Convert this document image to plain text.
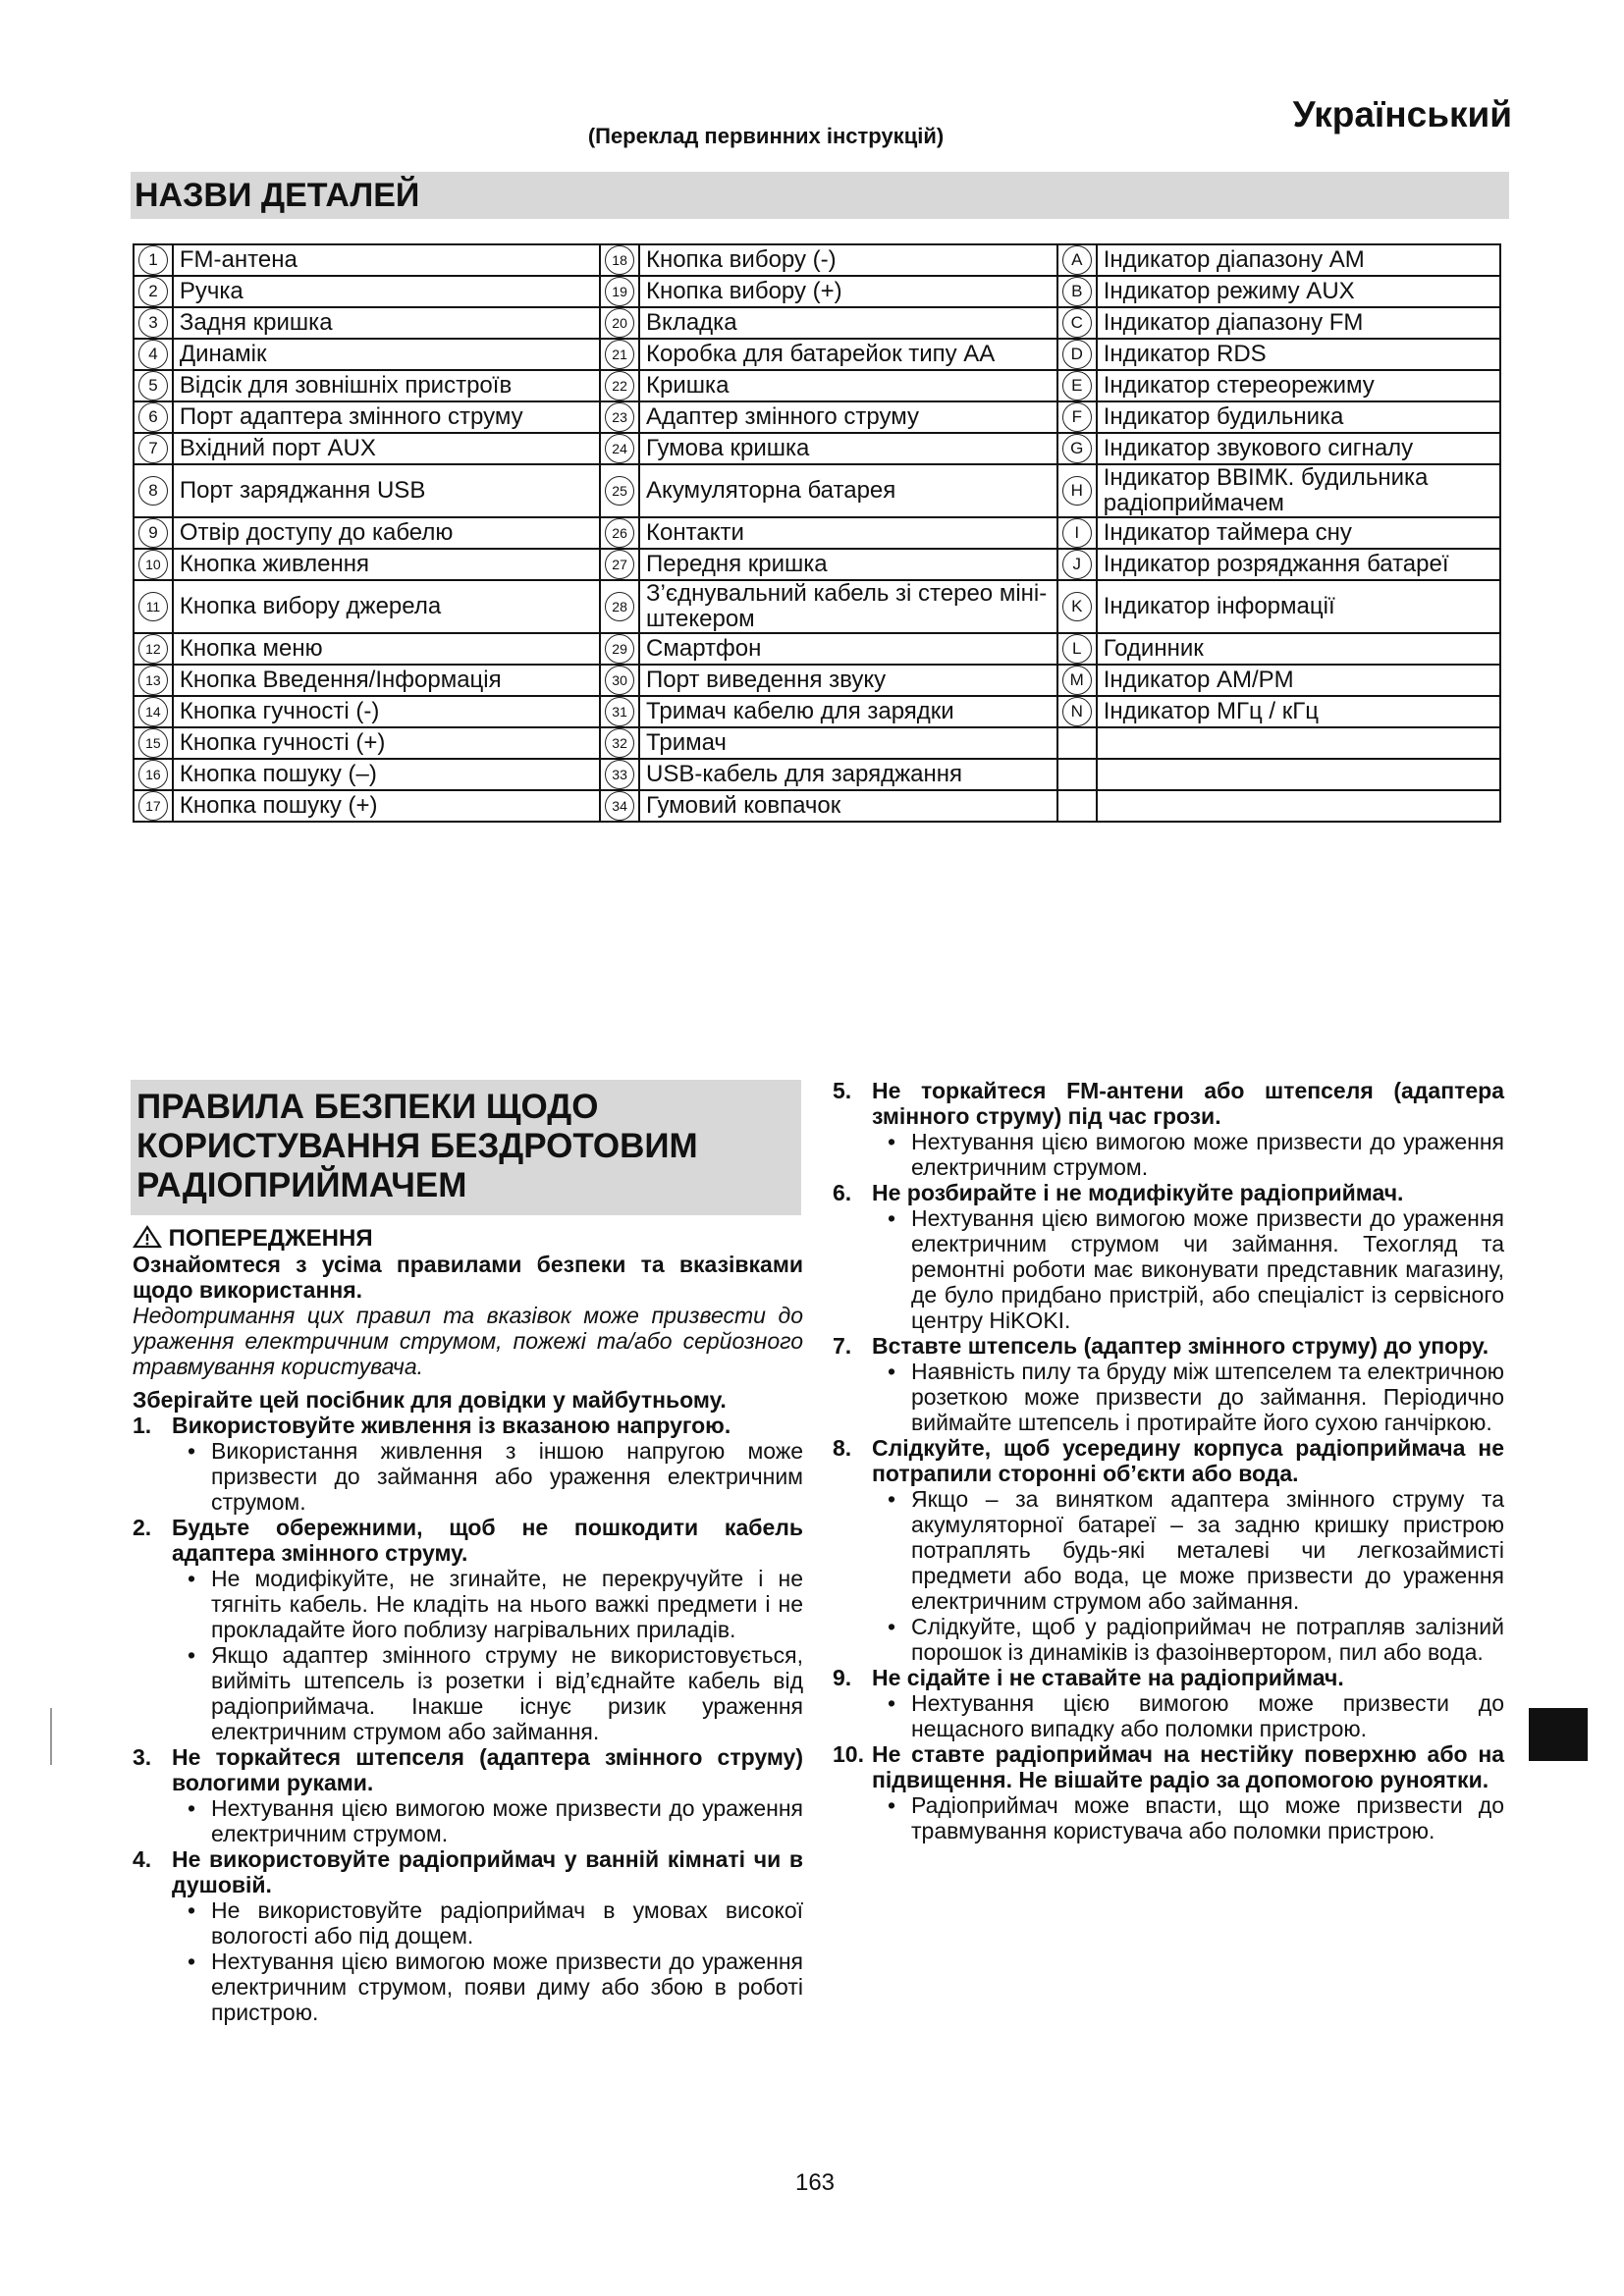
Український
(Переклад первинних інструкцій)
НАЗВИ ДЕТАЛЕЙ
1	FM-антена	18	Кнопка вибору (-)	A	Індикатор діапазону AM
2	Ручка	19	Кнопка вибору (+)	B	Індикатор режиму AUX
3	Задня кришка	20	Вкладка	C	Індикатор діапазону FM
4	Динамік	21	Коробка для батарейок типу AA	D	Індикатор RDS
5	Відсік для зовнішніх пристроїв	22	Кришка	E	Індикатор стереорежиму
6	Порт адаптера змінного струму	23	Адаптер змінного струму	F	Індикатор будильника
7	Вхідний порт AUX	24	Гумова кришка	G	Індикатор звукового сигналу
8	Порт заряджання USB	25	Акумуляторна батарея	H	Індикатор ВВІМК. будильника радіоприймачем
9	Отвір доступу до кабелю	26	Контакти	I	Індикатор таймера сну
10	Кнопка живлення	27	Передня кришка	J	Індикатор розряджання батареї
11	Кнопка вибору джерела	28	З’єднувальний кабель зі стерео міні-штекером	K	Індикатор інформації
12	Кнопка меню	29	Смартфон	L	Годинник
13	Кнопка Введення/Інформація	30	Порт виведення звуку	M	Індикатор AM/PM
14	Кнопка гучності (-)	31	Тримач кабелю для зарядки	N	Індикатор МГц / кГц
15	Кнопка гучності (+)	32	Тримач		
16	Кнопка пошуку (–)	33	USB-кабель для заряджання		
17	Кнопка пошуку (+)	34	Гумовий ковпачок		
ПРАВИЛА БЕЗПЕКИ ЩОДО
КОРИСТУВАННЯ БЕЗДРОТОВИМ
РАДІОПРИЙМАЧЕМ
ПОПЕРЕДЖЕННЯ

Ознайомтеся з усіма правилами безпеки та вказівками щодо використання.

Недотримання цих правил та вказівок може призвести до ураження електричним струмом, пожежі та/або серйозного травмування користувача.

Зберігайте цей посібник для довідки у майбутньому.

1. Використовуйте живлення із вказаною напругою.
• Використання живлення з іншою напругою може призвести до займання або ураження електричним струмом.
2. Будьте обережними, щоб не пошкодити кабель адаптера змінного струму.
• Не модифікуйте, не згинайте, не перекручуйте і не тягніть кабель. Не кладіть на нього важкі предмети і не прокладайте його поблизу нагрівальних приладів.
• Якщо адаптер змінного струму не використовується, вийміть штепсель із розетки і від’єднайте кабель від радіоприймача. Інакше існує ризик ураження електричним струмом або займання.
3. Не торкайтеся штепселя (адаптера змінного струму) вологими руками.
• Нехтування цією вимогою може призвести до ураження електричним струмом.
4. Не використовуйте радіоприймач у ванній кімнаті чи в душовій.
• Не використовуйте радіоприймач в умовах високої вологості або під дощем.
• Нехтування цією вимогою може призвести до ураження електричним струмом, появи диму або збою в роботі пристрою.
5. Не торкайтеся FM-антени або штепселя (адаптера змінного струму) під час грози.
• Нехтування цією вимогою може призвести до ураження електричним струмом.
6. Не розбирайте і не модифікуйте радіоприймач.
• Нехтування цією вимогою може призвести до ураження електричним струмом чи займання. Техогляд та ремонтні роботи має виконувати представник магазину, де було придбано пристрій, або спеціаліст із сервісного центру HiKOKI.
7. Вставте штепсель (адаптер змінного струму) до упору.
• Наявність пилу та бруду між штепселем та електричною розеткою може призвести до займання. Періодично виймайте штепсель і протирайте його сухою ганчіркою.
8. Слідкуйте, щоб усередину корпуса радіоприймача не потрапили сторонні об’єкти або вода.
• Якщо – за винятком адаптера змінного струму та акумуляторної батареї – за задню кришку пристрою потраплять будь-які металеві чи легкозаймисті предмети або вода, це може призвести до ураження електричним струмом або займання.
• Слідкуйте, щоб у радіоприймач не потрапляв залізний порошок із динаміків із фазоінвертором, пил або вода.
9. Не сідайте і не ставайте на радіоприймач.
• Нехтування цією вимогою може призвести до нещасного випадку або поломки пристрою.
10. Не ставте радіоприймач на нестійку поверхню або на підвищення. Не вішайте радіо за допомогою руноятки.
• Радіоприймач може впасти, що може призвести до травмування користувача або поломки пристрою.
163
